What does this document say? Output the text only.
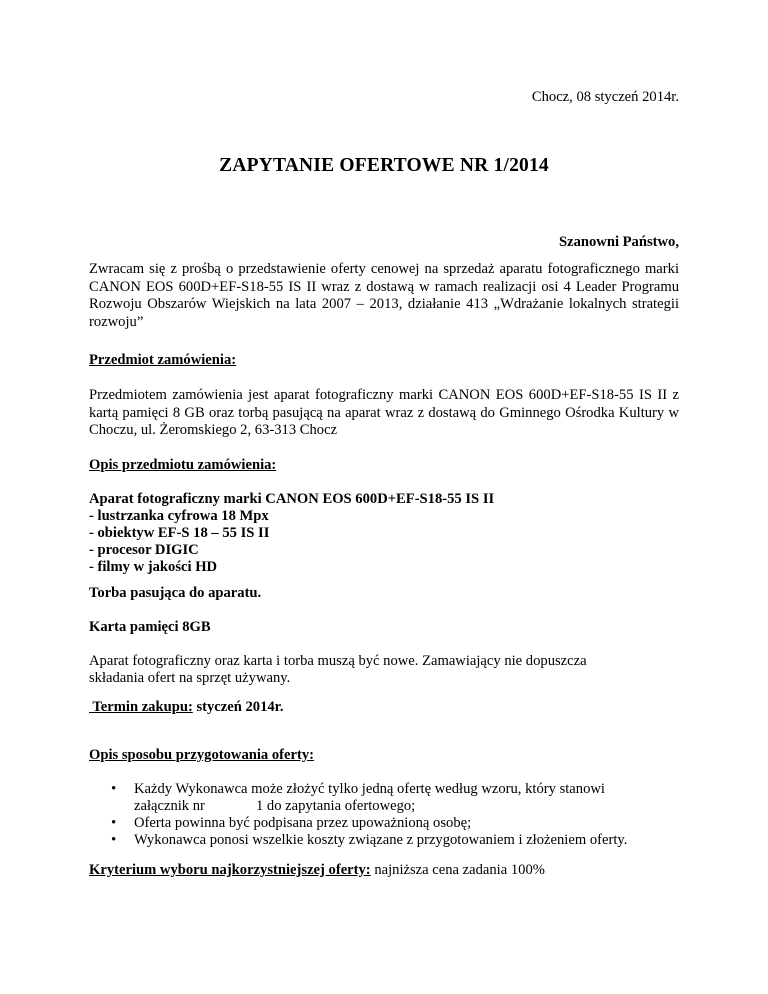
Chocz, 08 styczeń 2014r.
ZAPYTANIE OFERTOWE NR 1/2014
Szanowni Państwo,
Zwracam się z prośbą o przedstawienie oferty cenowej na sprzedaż aparatu fotograficznego marki CANON EOS 600D+EF-S18-55 IS II wraz z dostawą w ramach realizacji osi 4 Leader Programu Rozwoju Obszarów Wiejskich na lata 2007 – 2013, działanie 413 „Wdrażanie lokalnych strategii rozwoju”
Przedmiot zamówienia:
Przedmiotem zamówienia jest aparat fotograficzny marki CANON EOS 600D+EF-S18-55 IS II z kartą pamięci 8 GB oraz torbą pasującą na aparat wraz z dostawą do Gminnego Ośrodka Kultury w Choczu, ul. Żeromskiego 2, 63-313 Chocz
Opis przedmiotu zamówienia:
Aparat fotograficzny marki CANON EOS 600D+EF-S18-55 IS II
- lustrzanka cyfrowa 18 Mpx
- obiektyw EF-S 18 – 55 IS II
- procesor DIGIC
- filmy w jakości HD
Torba pasująca do aparatu.
Karta pamięci 8GB
Aparat fotograficzny oraz karta i torba muszą być nowe. Zamawiający nie dopuszcza
składania ofert na sprzęt używany.
Termin zakupu: styczeń 2014r.
Opis sposobu przygotowania oferty:
• Każdy Wykonawca może złożyć tylko jedną ofertę według wzoru, który stanowi
załącznik nr              1 do zapytania ofertowego;
• Oferta powinna być podpisana przez upoważnioną osobę;
• Wykonawca ponosi wszelkie koszty związane z przygotowaniem i złożeniem oferty.
Kryterium wyboru najkorzystniejszej oferty: najniższa cena zadania 100%
